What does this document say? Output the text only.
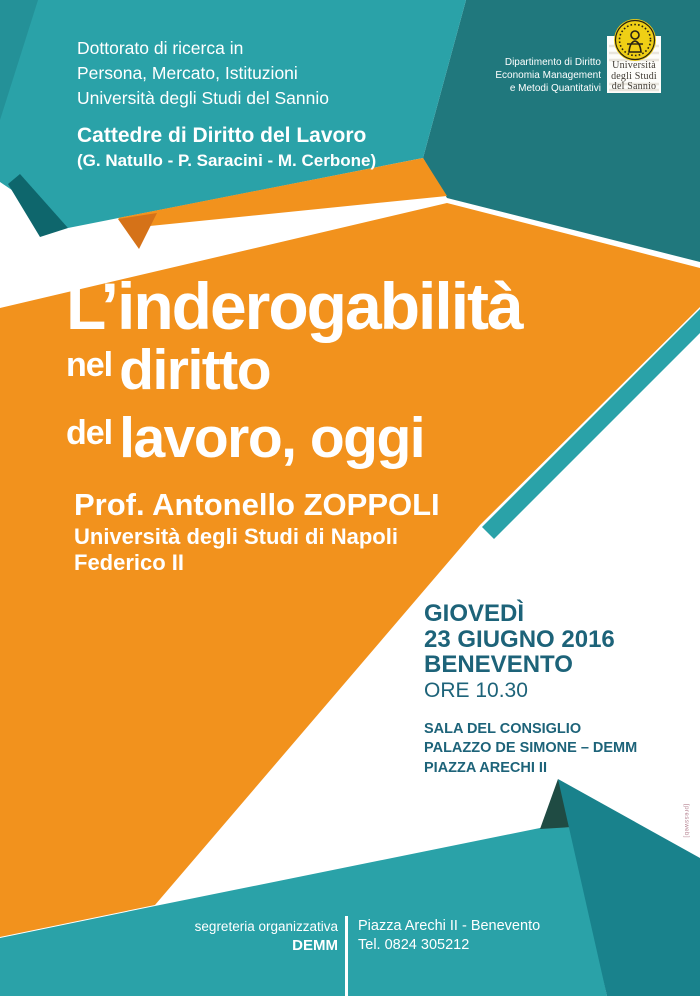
Dottorato di ricerca in
Persona, Mercato, Istituzioni
Università degli Studi del Sannio
Cattedre di Diritto del Lavoro
(G. Natullo - P. Saracini - M. Cerbone)
Dipartimento di Diritto
Economia Management
e Metodi Quantitativi
Università
degli Studi
del Sannio
L’inderogabilità
nel diritto
del lavoro, oggi
Prof. Antonello ZOPPOLI
Università degli Studi di Napoli
Federico II
GIOVEDÌ
23 GIUGNO 2016
BENEVENTO
ORE 10.30
SALA DEL CONSIGLIO
PALAZZO DE SIMONE – DEMM
PIAZZA ARECHI II
segreteria organizzativa
DEMM
Piazza Arechi II - Benevento
Tel. 0824 305212
[pressweb]
